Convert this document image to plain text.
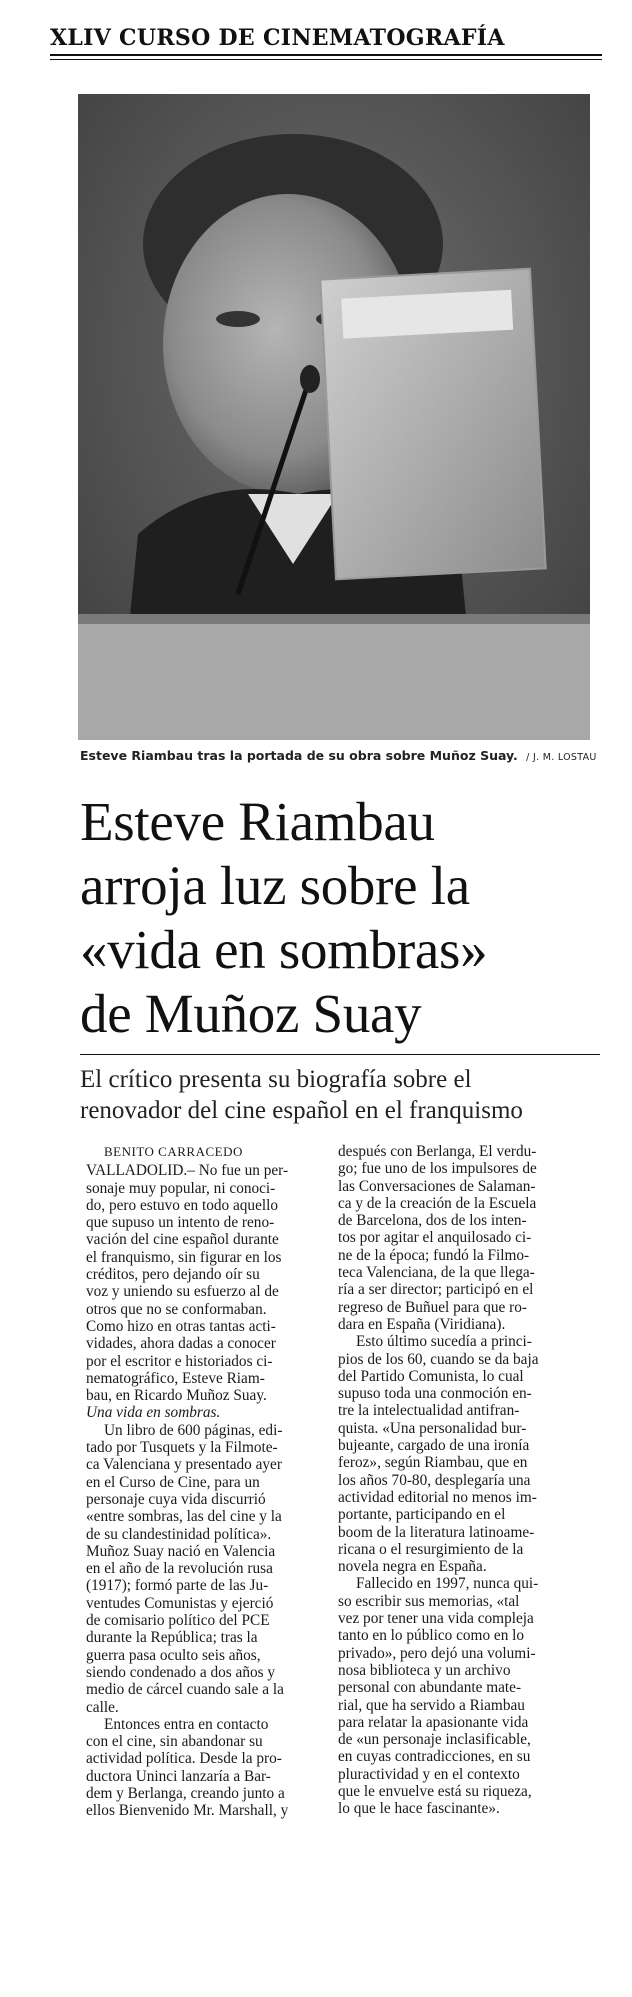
XLIV CURSO DE CINEMATOGRAFÍA
Esteve Riambau tras la portada de su obra sobre Muñoz Suay. / J. M. LOSTAU
Esteve Riambau
arroja luz sobre la
«vida en sombras»
de Muñoz Suay
El crítico presenta su biografía sobre el
renovador del cine español en el franquismo
BENITO CARRACEDO
VALLADOLID.– No fue un per-
sonaje muy popular, ni conoci-
do, pero estuvo en todo aquello
que supuso un intento de reno-
vación del cine español durante
el franquismo, sin figurar en los
créditos, pero dejando oír su
voz y uniendo su esfuerzo al de
otros que no se conformaban.
Como hizo en otras tantas acti-
vidades, ahora dadas a conocer
por el escritor e historiados ci-
nematográfico, Esteve Riam-
bau, en Ricardo Muñoz Suay.
Una vida en sombras.
Un libro de 600 páginas, edi-
tado por Tusquets y la Filmote-
ca Valenciana y presentado ayer
en el Curso de Cine, para un
personaje cuya vida discurrió
«entre sombras, las del cine y la
de su clandestinidad política».
Muñoz Suay nació en Valencia
en el año de la revolución rusa
(1917); formó parte de las Ju-
ventudes Comunistas y ejerció
de comisario político del PCE
durante la República; tras la
guerra pasa oculto seis años,
siendo condenado a dos años y
medio de cárcel cuando sale a la
calle.
Entonces entra en contacto
con el cine, sin abandonar su
actividad política. Desde la pro-
ductora Uninci lanzaría a Bar-
dem y Berlanga, creando junto a
ellos Bienvenido Mr. Marshall, y
después con Berlanga, El verdu-
go; fue uno de los impulsores de
las Conversaciones de Salaman-
ca y de la creación de la Escuela
de Barcelona, dos de los inten-
tos por agitar el anquilosado ci-
ne de la época; fundó la Filmo-
teca Valenciana, de la que llega-
ría a ser director; participó en el
regreso de Buñuel para que ro-
dara en España (Viridiana).
Esto último sucedía a princi-
pios de los 60, cuando se da baja
del Partido Comunista, lo cual
supuso toda una conmoción en-
tre la intelectualidad antifran-
quista. «Una personalidad bur-
bujeante, cargado de una ironía
feroz», según Riambau, que en
los años 70-80, desplegaría una
actividad editorial no menos im-
portante, participando en el
boom de la literatura latinoame-
ricana o el resurgimiento de la
novela negra en España.
Fallecido en 1997, nunca qui-
so escribir sus memorias, «tal
vez por tener una vida compleja
tanto en lo público como en lo
privado», pero dejó una volumi-
nosa biblioteca y un archivo
personal con abundante mate-
rial, que ha servido a Riambau
para relatar la apasionante vida
de «un personaje inclasificable,
en cuyas contradicciones, en su
pluractividad y en el contexto
que le envuelve está su riqueza,
lo que le hace fascinante».
